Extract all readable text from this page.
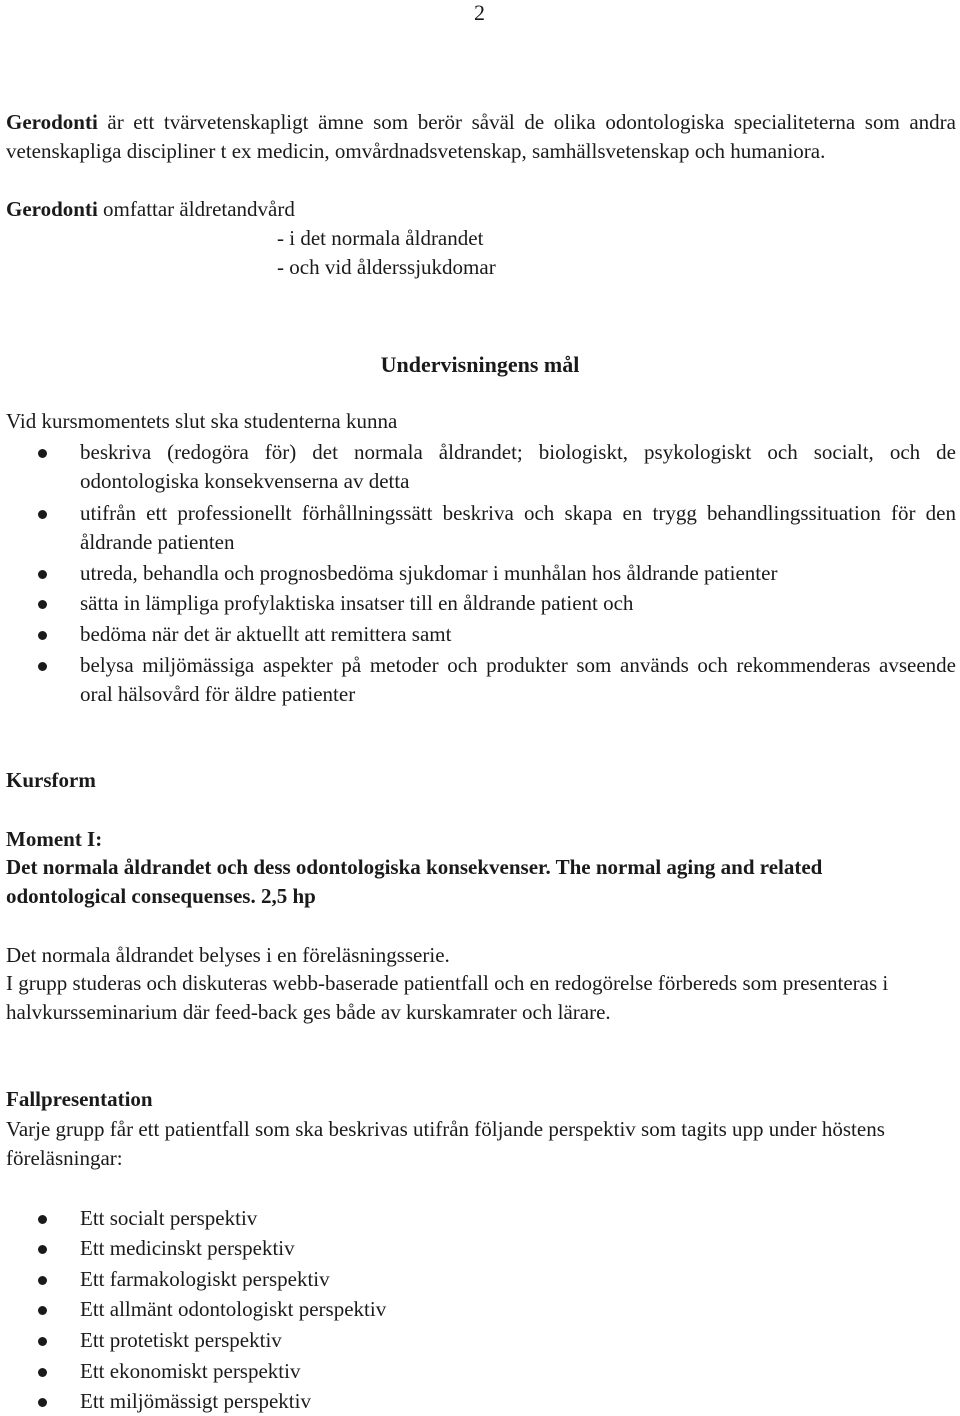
2

Gerodonti är ett tvärvetenskapligt ämne som berör såväl de olika odontologiska specialiteterna som andra vetenskapliga discipliner t ex medicin, omvårdnadsvetenskap, samhällsvetenskap och humaniora.

Gerodonti omfattar äldretandvård
- i det normala åldrandet
- och vid ålderssjukdomar
Undervisningens mål
Vid kursmomentets slut ska studenterna kunna

beskriva (redogöra för) det normala åldrandet; biologiskt, psykologiskt och socialt, och de odontologiska konsekvenserna av detta

utifrån ett professionellt förhållningssätt beskriva och skapa en trygg behandlingssituation för den åldrande patienten

utreda, behandla och prognosbedöma sjukdomar i munhålan hos åldrande patienter

sätta in lämpliga profylaktiska insatser till en åldrande patient och

bedöma när det är aktuellt att remittera samt

belysa miljömässiga aspekter på metoder och produkter som används och rekommenderas avseende oral hälsovård för äldre patienter

Kursform
Moment I:

Det normala åldrandet och dess odontologiska konsekvenser. The normal aging and related odontological consequenses. 2,5 hp

Det normala åldrandet belyses i en föreläsningsserie.

I grupp studeras och diskuteras webb-baserade patientfall och en redogörelse förbereds som presenteras i halvkursseminarium där feed-back ges både av kurskamrater och lärare.

Fallpresentation

Varje grupp får ett patientfall som ska beskrivas utifrån följande perspektiv som tagits upp under höstens föreläsningar:

Ett socialt perspektiv

Ett medicinskt perspektiv

Ett farmakologiskt perspektiv

Ett allmänt odontologiskt perspektiv

Ett protetiskt perspektiv

Ett ekonomiskt perspektiv

Ett miljömässigt perspektiv
